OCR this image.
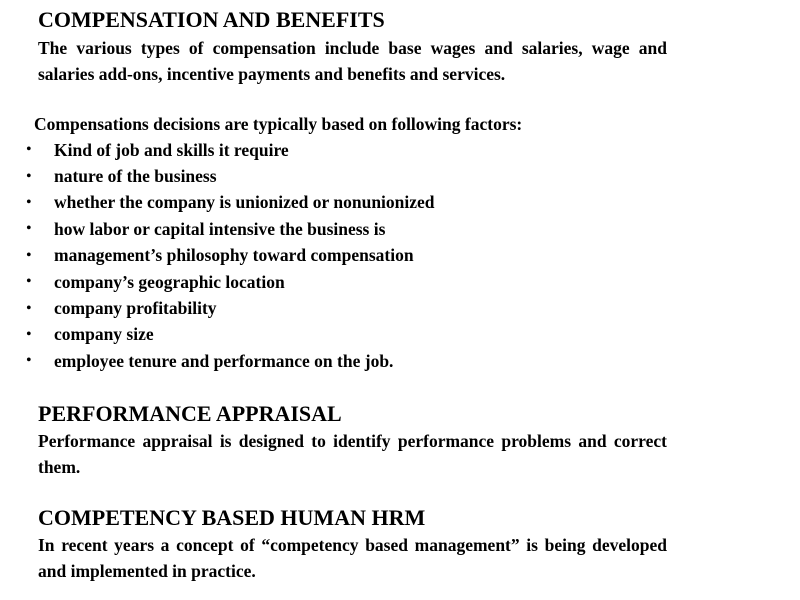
COMPENSATION AND BENEFITS
The various types of compensation include base wages and salaries, wage and salaries add-ons, incentive payments and benefits and services.
Compensations decisions are typically based on following factors:
•	Kind of job and skills it require
•	nature of the business
•	whether the company is unionized or nonunionized
•	how labor or capital intensive the business is
•	management’s philosophy toward compensation
•	company’s geographic location
•	company profitability
•	company size
•	employee tenure and performance on the job.
PERFORMANCE APPRAISAL
Performance appraisal is designed to identify performance problems and correct them.
COMPETENCY BASED HUMAN HRM
In recent years a concept of “competency based management” is being developed and implemented in practice.
